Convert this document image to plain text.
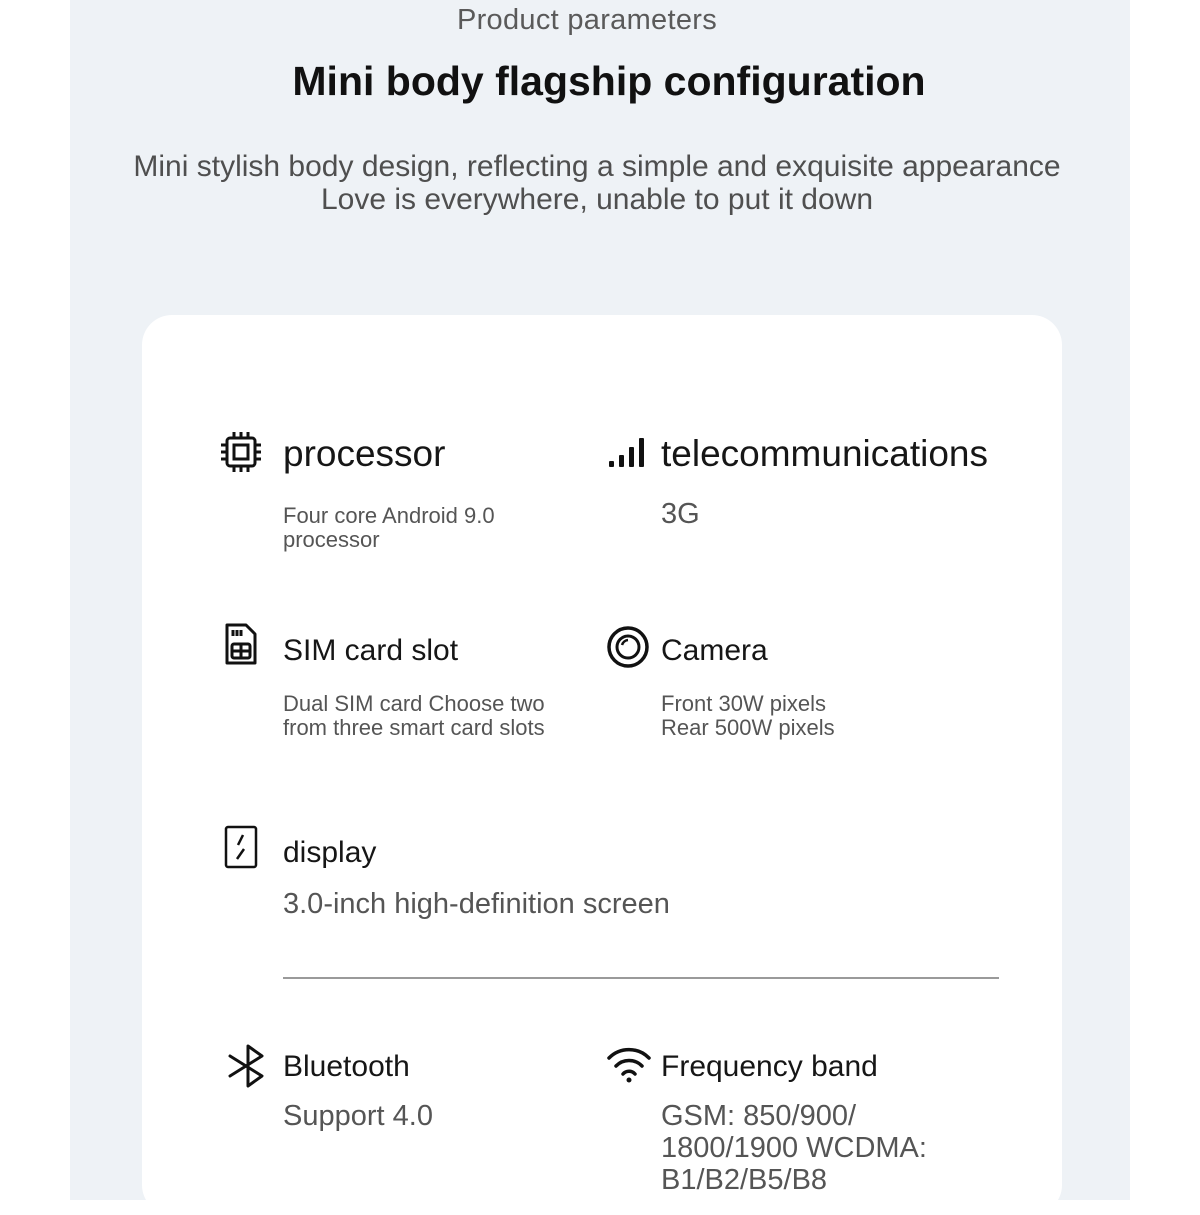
Product parameters
Mini body flagship configuration
Mini stylish body design, reflecting a simple and exquisite appearance
Love is everywhere, unable to put it down
processor
Four core Android 9.0
processor
telecommunications
3G
SIM card slot
Dual SIM card Choose two
from three smart card slots
Camera
Front 30W pixels
Rear 500W pixels
display
3.0-inch high-definition screen
Bluetooth
Support 4.0
Frequency band
GSM: 850/900/
1800/1900 WCDMA:
B1/B2/B5/B8
